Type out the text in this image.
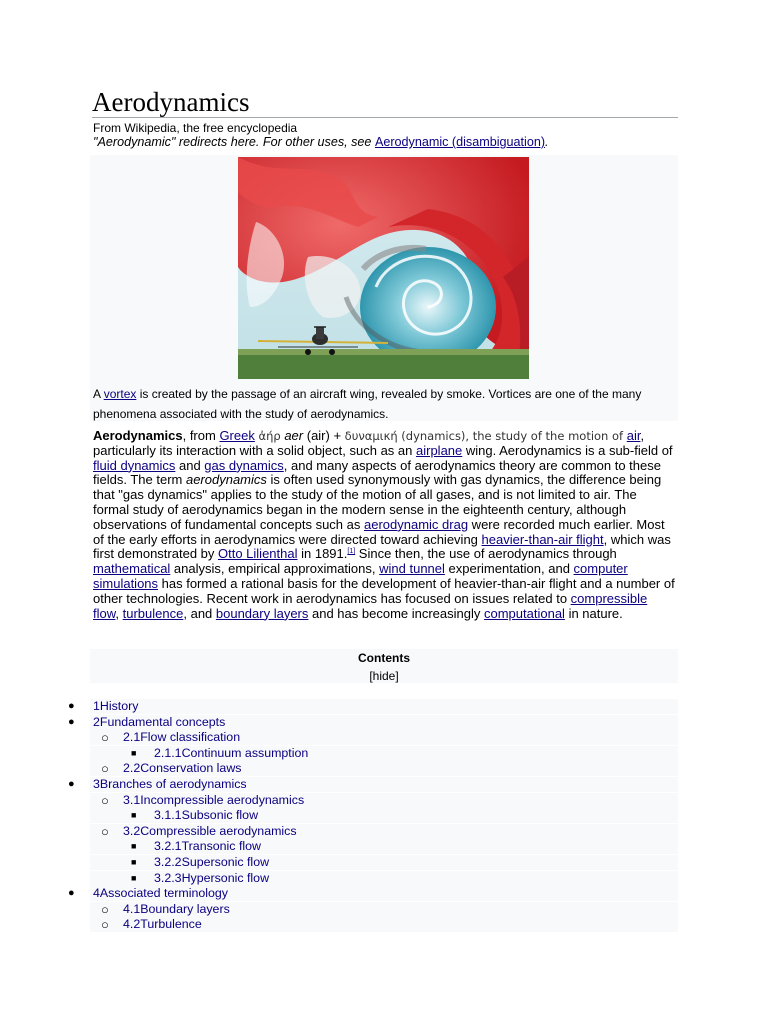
Aerodynamics
From Wikipedia, the free encyclopedia
"Aerodynamic" redirects here. For other uses, see Aerodynamic (disambiguation).
A vortex is created by the passage of an aircraft wing, revealed by smoke. Vortices are one of the many phenomena associated with the study of aerodynamics.
Aerodynamics, from Greek ἀήρ aer (air) + δυναμική (dynamics), the study of the motion of air, particularly its interaction with a solid object, such as an airplane wing. Aerodynamics is a sub-field of fluid dynamics and gas dynamics, and many aspects of aerodynamics theory are common to these fields. The term aerodynamics is often used synonymously with gas dynamics, the difference being that "gas dynamics" applies to the study of the motion of all gases, and is not limited to air. The formal study of aerodynamics began in the modern sense in the eighteenth century, although observations of fundamental concepts such as aerodynamic drag were recorded much earlier. Most of the early efforts in aerodynamics were directed toward achieving heavier-than-air flight, which was first demonstrated by Otto Lilienthal in 1891.[1] Since then, the use of aerodynamics through mathematical analysis, empirical approximations, wind tunnel experimentation, and computer simulations has formed a rational basis for the development of heavier-than-air flight and a number of other technologies. Recent work in aerodynamics has focused on issues related to compressible flow, turbulence, and boundary layers and has become increasingly computational in nature.
Contents
[hide]
● 1History
● 2Fundamental concepts
○ 2.1Flow classification
■ 2.1.1Continuum assumption
○ 2.2Conservation laws
● 3Branches of aerodynamics
○ 3.1Incompressible aerodynamics
■ 3.1.1Subsonic flow
○ 3.2Compressible aerodynamics
■ 3.2.1Transonic flow
■ 3.2.2Supersonic flow
■ 3.2.3Hypersonic flow
● 4Associated terminology
○ 4.1Boundary layers
○ 4.2Turbulence
